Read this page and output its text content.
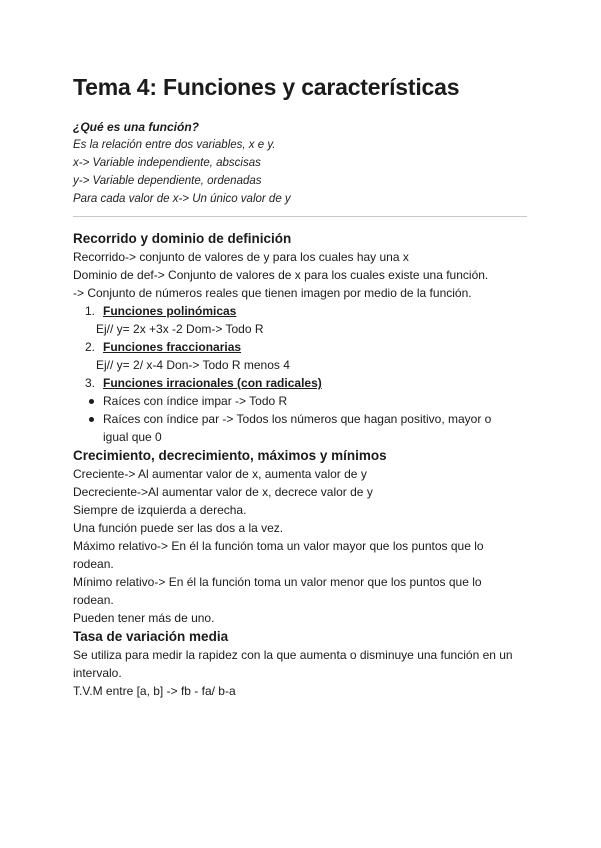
Tema 4: Funciones y características
¿Qué es una función?
Es la relación entre dos variables, x e y.
x-> Variable independiente, abscisas
y-> Variable dependiente, ordenadas
Para cada valor de x-> Un único valor de y
Recorrido y dominio de definición
Recorrido-> conjunto de valores de y para los cuales hay una x
Dominio de def-> Conjunto de valores de x para los cuales existe una función.
-> Conjunto de números reales que tienen imagen por medio de la función.
1. Funciones polinómicas
Ej// y= 2x +3x -2 Dom-> Todo R
2. Funciones fraccionarias
Ej// y= 2/ x-4 Don-> Todo R menos 4
3. Funciones irracionales (con radicales)
Raíces con índice impar -> Todo R
Raíces con índice par -> Todos los números que hagan positivo, mayor o igual que 0
Crecimiento, decrecimiento, máximos y mínimos
Creciente-> Al aumentar valor de x, aumenta valor de y
Decreciente->Al aumentar valor de x, decrece valor de y
Siempre de izquierda a derecha.
Una función puede ser las dos a la vez.
Máximo relativo-> En él la función toma un valor mayor que los puntos que lo rodean.
Mínimo relativo-> En él la función toma un valor menor que los puntos que lo rodean.
Pueden tener más de uno.
Tasa de variación media
Se utiliza para medir la rapidez con la que aumenta o disminuye una función en un intervalo.
T.V.M entre [a, b] -> fb - fa/ b-a
